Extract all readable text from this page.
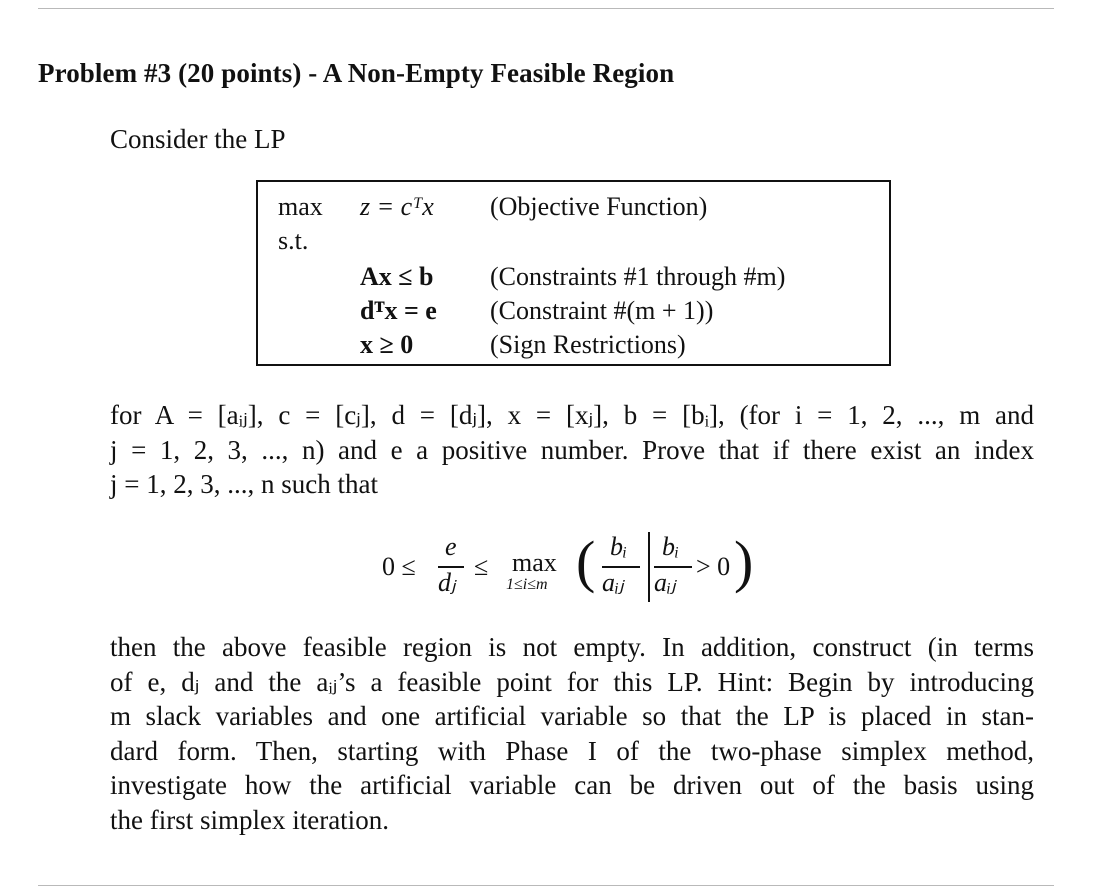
Problem #3 (20 points) - A Non-Empty Feasible Region

Consider the LP

max z = cᵀx (Objective Function)
s.t.
Ax ≤ b (Constraints #1 through #m)
dᵀx = e (Constraint #(m + 1))
x ≥ 0	(Sign Restrictions)
for A = [aᵢⱼ], c = [cⱼ], d = [dⱼ], x = [xⱼ], b = [bᵢ], (for i = 1, 2, ..., m and
j = 1, 2, 3, ..., n) and e a positive number. Prove that if there exist an index
j = 1, 2, 3, ..., n such that
0 ≤
e
dⱼ
≤ max
1≤i≤m ( bᵢ
aᵢⱼ
bᵢ
aᵢⱼ
> 0 )
then the above feasible region is not empty. In addition, construct (in terms
of e, dⱼ and the aᵢⱼ’s a feasible point for this LP. Hint: Begin by introducing
m slack variables and one artificial variable so that the LP is placed in stan-
dard form. Then, starting with Phase I of the two-phase simplex method,
investigate how the artificial variable can be driven out of the basis using
the first simplex iteration.
